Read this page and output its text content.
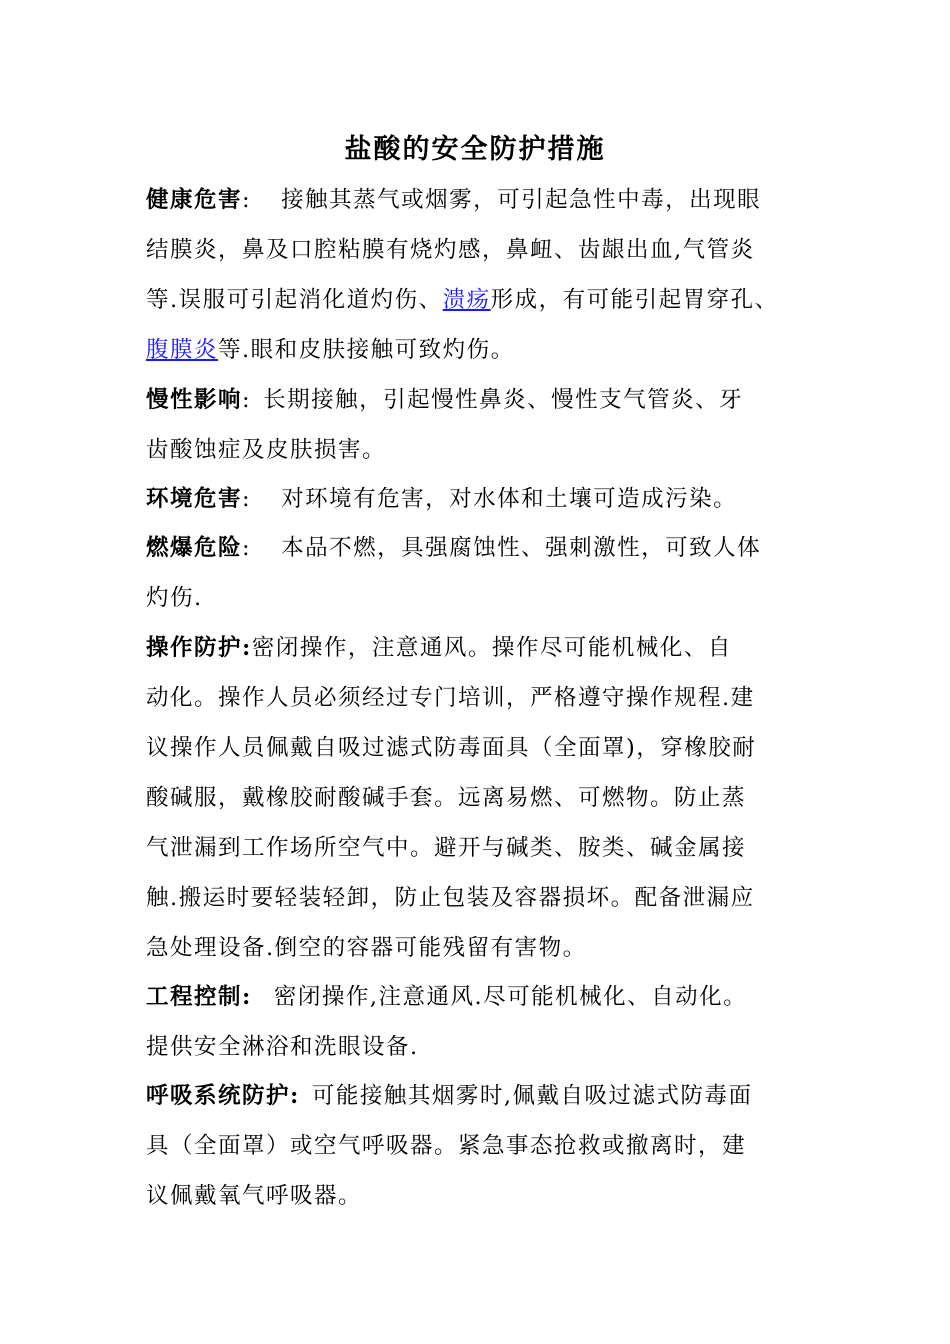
盐酸的安全防护措施
健康危害: 接触其蒸气或烟雾，可引起急性中毒，出现眼
结膜炎，鼻及口腔粘膜有烧灼感，鼻衄、齿龈出血,气管炎
等.误服可引起消化道灼伤、溃疡形成，有可能引起胃穿孔、
腹膜炎等.眼和皮肤接触可致灼伤。
慢性影响: 长期接触，引起慢性鼻炎、慢性支气管炎、牙
齿酸蚀症及皮肤损害。
环境危害: 对环境有危害，对水体和土壤可造成污染。
燃爆危险: 本品不燃，具强腐蚀性、强刺激性，可致人体
灼伤.
操作防护:密闭操作，注意通风。操作尽可能机械化、自
动化。操作人员必须经过专门培训，严格遵守操作规程.建
议操作人员佩戴自吸过滤式防毒面具（全面罩)，穿橡胶耐
酸碱服，戴橡胶耐酸碱手套。远离易燃、可燃物。防止蒸
气泄漏到工作场所空气中。避开与碱类、胺类、碱金属接
触.搬运时要轻装轻卸，防止包装及容器损坏。配备泄漏应
急处理设备.倒空的容器可能残留有害物。
工程控制: 密闭操作,注意通风.尽可能机械化、自动化。
提供安全淋浴和洗眼设备.
呼吸系统防护: 可能接触其烟雾时,佩戴自吸过滤式防毒面
具（全面罩）或空气呼吸器。紧急事态抢救或撤离时，建
议佩戴氧气呼吸器。
